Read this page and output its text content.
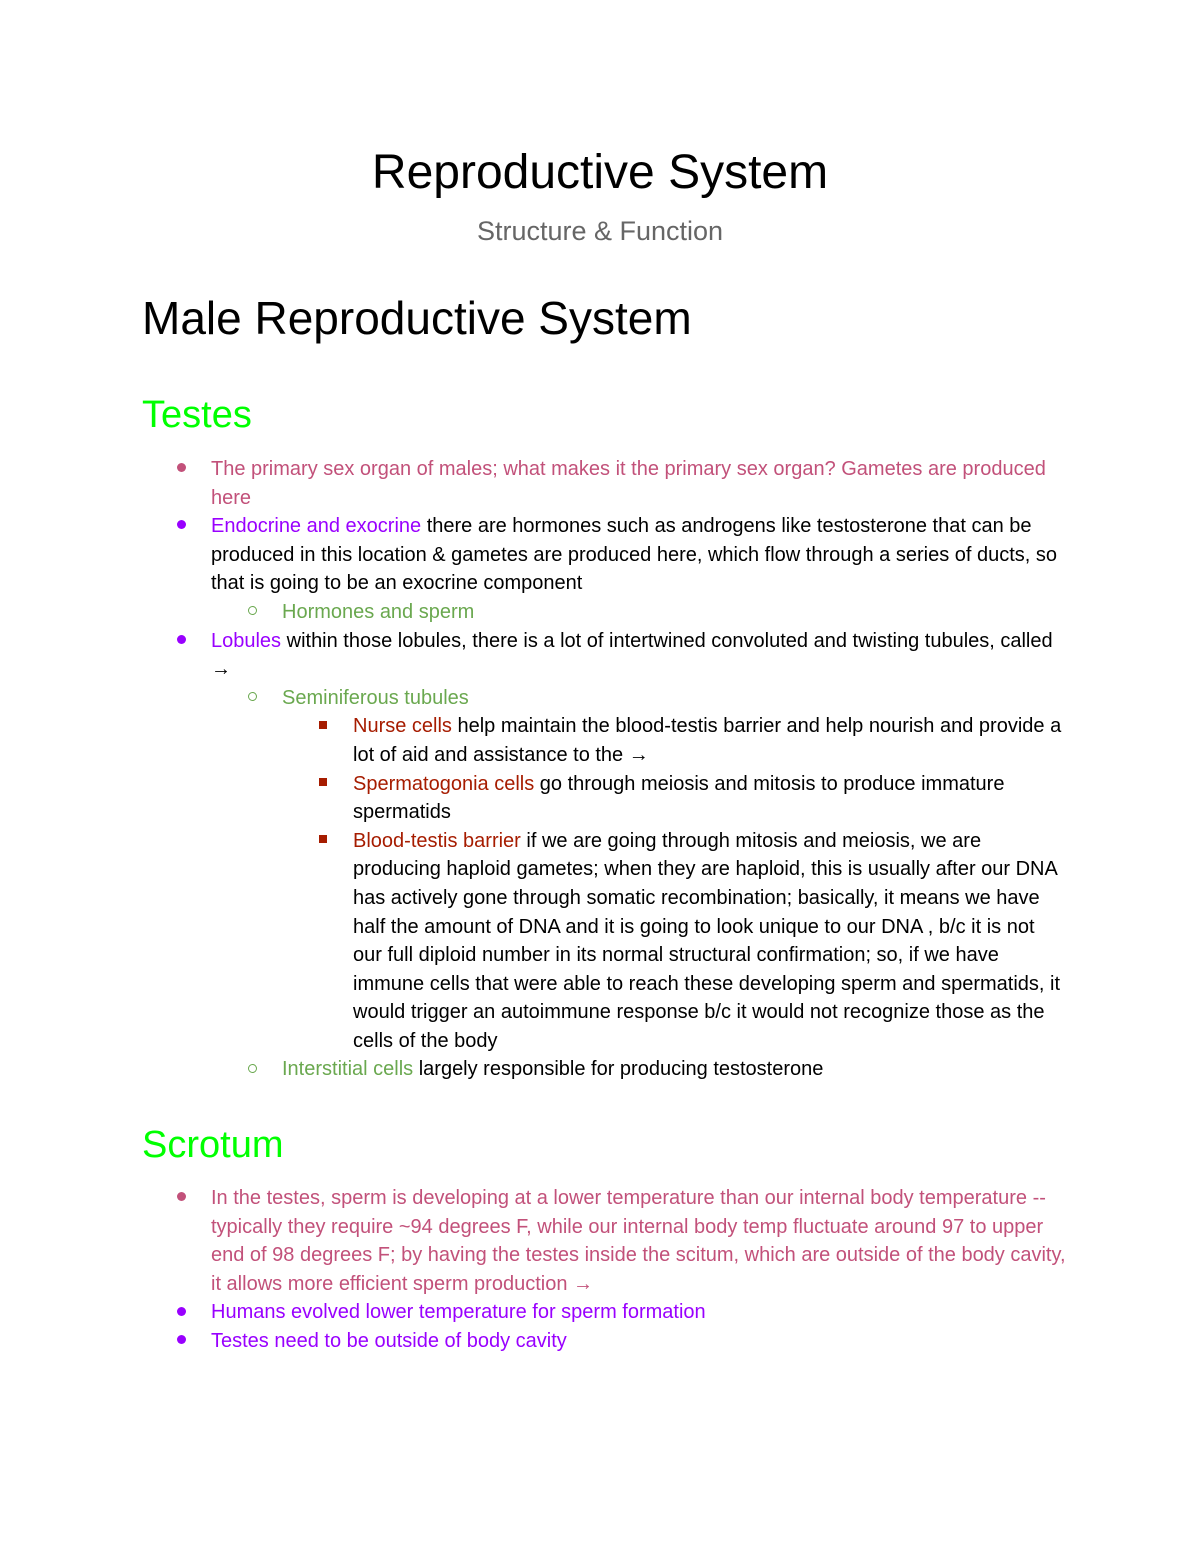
Reproductive System
Structure & Function
Male Reproductive System
Testes
The primary sex organ of males; what makes it the primary sex organ? Gametes are produced here
Endocrine and exocrine there are hormones such as androgens like testosterone that can be produced in this location & gametes are produced here, which flow through a series of ducts, so that is going to be an exocrine component
Hormones and sperm
Lobules within those lobules, there is a lot of intertwined convoluted and twisting tubules, called →
Seminiferous tubules
Nurse cells help maintain the blood-testis barrier and help nourish and provide a lot of aid and assistance to the →
Spermatogonia cells go through meiosis and mitosis to produce immature spermatids
Blood-testis barrier if we are going through mitosis and meiosis, we are producing haploid gametes; when they are haploid, this is usually after our DNA has actively gone through somatic recombination; basically, it means we have half the amount of DNA and it is going to look unique to our DNA , b/c it is not our full diploid number in its normal structural confirmation; so, if we have immune cells that were able to reach these developing sperm and spermatids, it would trigger an autoimmune response b/c it would not recognize those as the cells of the body
Interstitial cells largely responsible for producing testosterone
Scrotum
In the testes, sperm is developing at a lower temperature than our internal body temperature -- typically they require ~94 degrees F, while our internal body temp fluctuate around 97 to upper end of 98 degrees F; by having the testes inside the scitum, which are outside of the body cavity, it allows more efficient sperm production →
Humans evolved lower temperature for sperm formation
Testes need to be outside of body cavity
